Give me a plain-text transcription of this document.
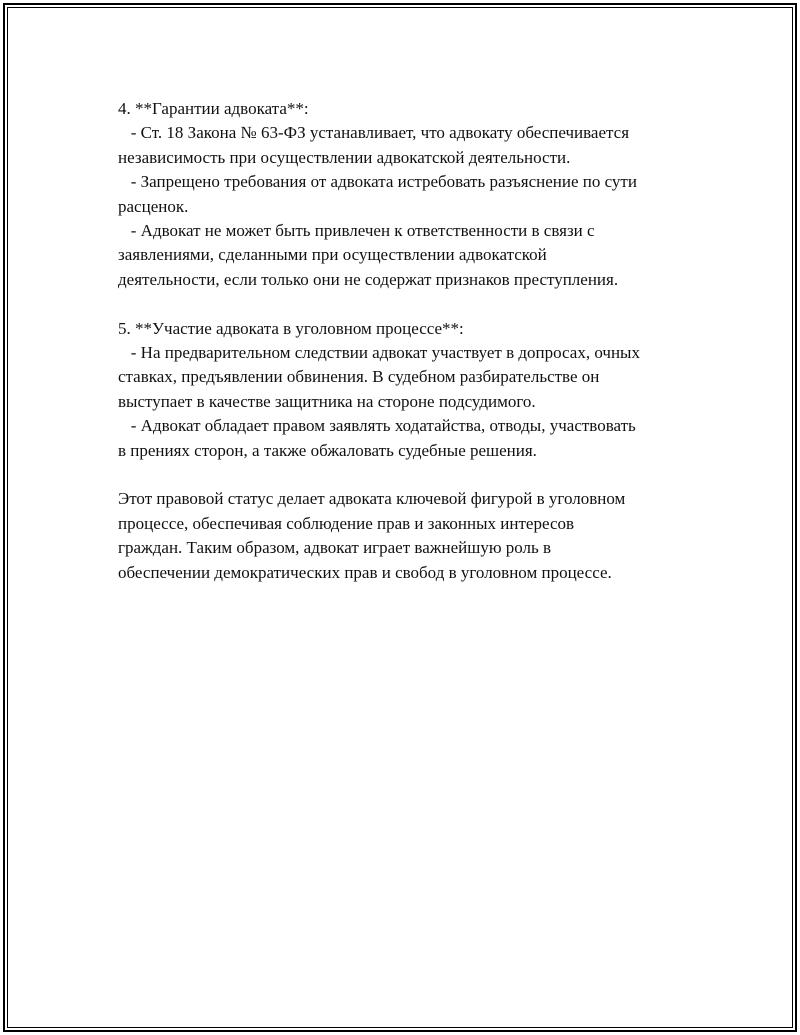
4. **Гарантии адвоката**:
- Ст. 18 Закона № 63-ФЗ устанавливает, что адвокату обеспечивается
независимость при осуществлении адвокатской деятельности.
- Запрещено требования от адвоката истребовать разъяснение по сути
расценок.
- Адвокат не может быть привлечен к ответственности в связи с
заявлениями, сделанными при осуществлении адвокатской
деятельности, если только они не содержат признаков преступления.
5. **Участие адвоката в уголовном процессе**:
- На предварительном следствии адвокат участвует в допросах, очных
ставках, предъявлении обвинения. В судебном разбирательстве он
выступает в качестве защитника на стороне подсудимого.
- Адвокат обладает правом заявлять ходатайства, отводы, участвовать
в прениях сторон, а также обжаловать судебные решения.
Этот правовой статус делает адвоката ключевой фигурой в уголовном
процессе, обеспечивая соблюдение прав и законных интересов
граждан. Таким образом, адвокат играет важнейшую роль в
обеспечении демократических прав и свобод в уголовном процессе.
